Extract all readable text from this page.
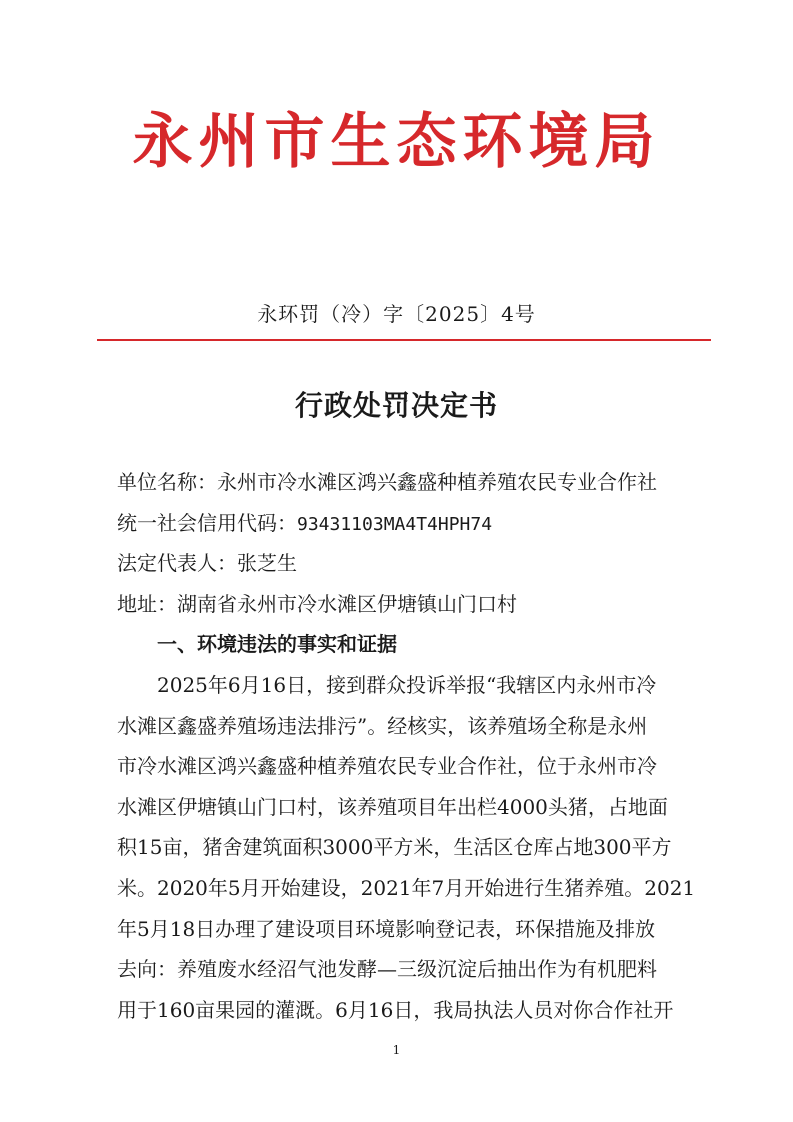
永州市生态环境局
永环罚（冷）字〔2025〕4号
行政处罚决定书
单位名称：永州市冷水滩区鸿兴鑫盛种植养殖农民专业合作社
统一社会信用代码：93431103MA4T4HPH74
法定代表人：张芝生
地址：湖南省永州市冷水滩区伊塘镇山门口村
一、环境违法的事实和证据
2025年6月16日，接到群众投诉举报“我辖区内永州市冷
水滩区鑫盛养殖场违法排污”。经核实，该养殖场全称是永州
市冷水滩区鸿兴鑫盛种植养殖农民专业合作社，位于永州市冷
水滩区伊塘镇山门口村，该养殖项目年出栏4000头猪，占地面
积15亩，猪舍建筑面积3000平方米，生活区仓库占地300平方
米。2020年5月开始建设，2021年7月开始进行生猪养殖。2021
年5月18日办理了建设项目环境影响登记表，环保措施及排放
去向：养殖废水经沼气池发酵—三级沉淀后抽出作为有机肥料
用于160亩果园的灌溉。6月16日，我局执法人员对你合作社开
1
